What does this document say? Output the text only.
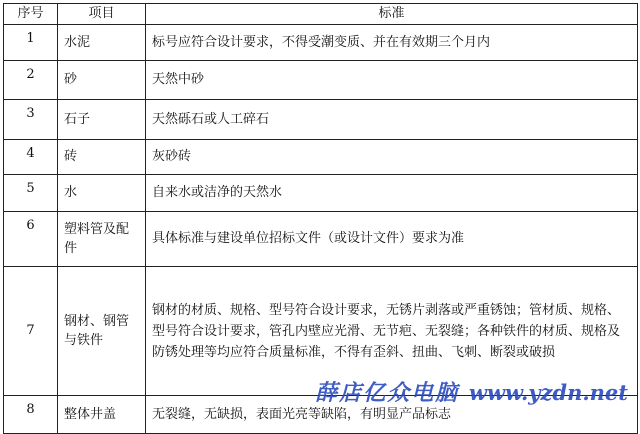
序号	项目	标准
1	水泥	标号应符合设计要求，不得受潮变质、并在有效期三个月内
2	砂	天然中砂
3	石子	天然砾石或人工碎石
4	砖	灰砂砖
5	水	自来水或洁净的天然水
6	塑料管及配件	具体标准与建设单位招标文件（或设计文件）要求为准
7	钢材、钢管与铁件	钢材的材质、规格、型号符合设计要求，无锈片剥落或严重锈蚀；管材质、规格、型号符合设计要求，管孔内壁应光滑、无节疤、无裂缝；各种铁件的材质、规格及防锈处理等均应符合质量标准，不得有歪斜、扭曲、飞刺、断裂或破损
8	整体井盖	无裂缝，无缺损，表面光亮等缺陷，有明显产品标志
薛店亿众电脑 www.yzdn.net
